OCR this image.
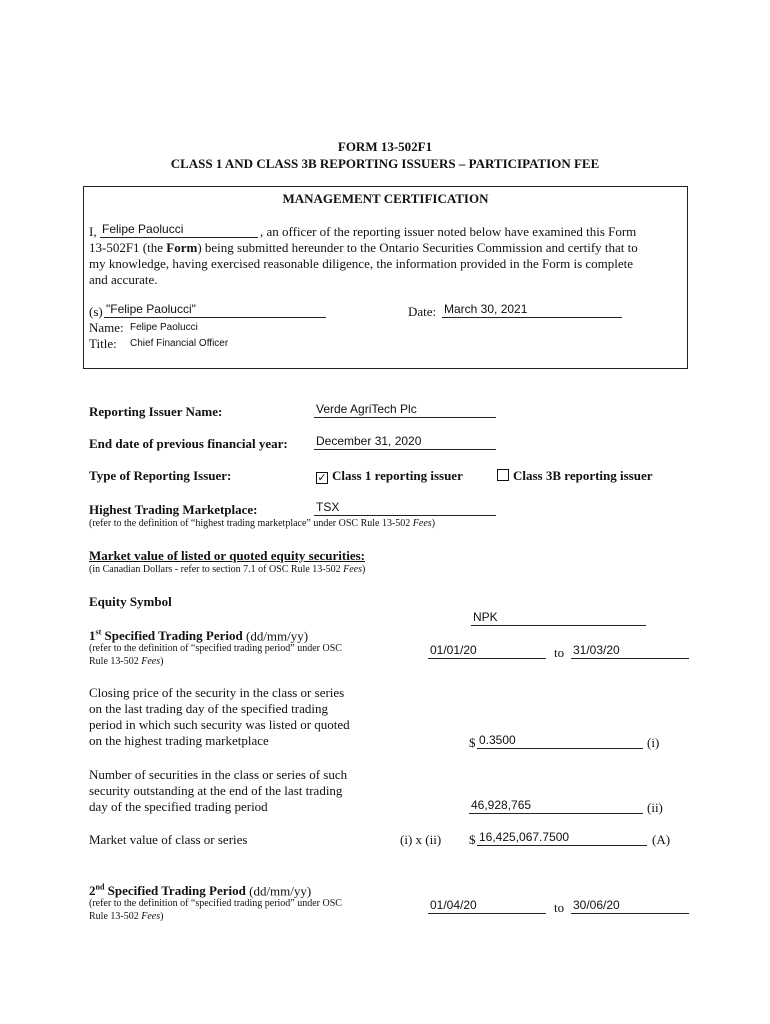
FORM 13-502F1
CLASS 1 AND CLASS 3B REPORTING ISSUERS – PARTICIPATION FEE
MANAGEMENT CERTIFICATION
I, Felipe Paolucci	, an officer of the reporting issuer noted below have examined this Form
13-502F1 (the Form) being submitted hereunder to the Ontario Securities Commission and certify that to
my knowledge, having exercised reasonable diligence, the information provided in the Form is complete
and accurate.
(s) "Felipe Paolucci"	Date: March 30, 2021
Name: Felipe Paolucci
Title: Chief Financial Officer
Reporting Issuer Name:	Verde AgriTech Plc
End date of previous financial year: December 31, 2020
Type of Reporting Issuer:	✓ Class 1 reporting issuer	Class 3B reporting issuer
Highest Trading Marketplace:	TSX
(refer to the definition of “highest trading marketplace” under OSC Rule 13-502 Fees)
Market value of listed or quoted equity securities:
(in Canadian Dollars - refer to section 7.1 of OSC Rule 13-502 Fees)
Equity Symbol
NPK
1st Specified Trading Period (dd/mm/yy)
(refer to the definition of “specified trading period” under OSC
Rule 13-502 Fees)
01/01/20	to 31/03/20
Closing price of the security in the class or series
on the last trading day of the specified trading
period in which such security was listed or quoted
on the highest trading marketplace	$ 0.3500	(i)
Number of securities in the class or series of such
security outstanding at the end of the last trading
day of the specified trading period	46,928,765	(ii)
Market value of class or series	(i) x (ii) $ 16,425,067.7500	(A)
2nd Specified Trading Period (dd/mm/yy)
(refer to the definition of “specified trading period” under OSC
Rule 13-502 Fees)
01/04/20	to 30/06/20
